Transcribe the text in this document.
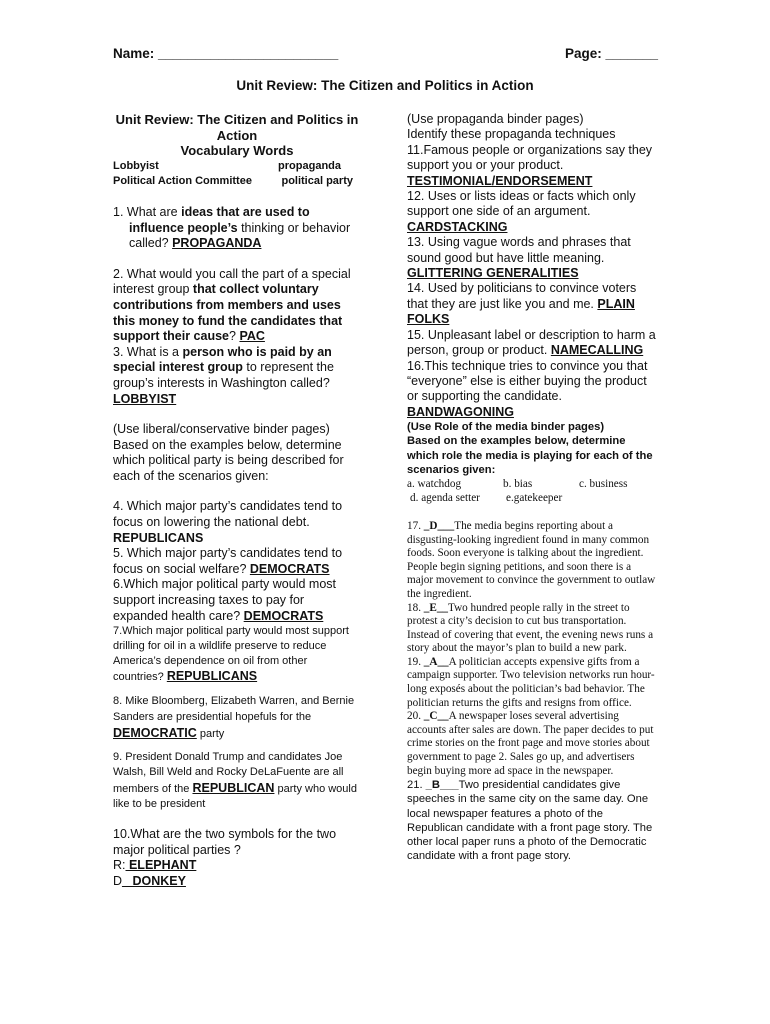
Name: ________________________	Page: _______
Unit Review: The Citizen and Politics in Action
Unit Review: The Citizen and Politics in
Action
Vocabulary Words
Lobbyist	propaganda
Political Action Committee	political party

1. What are ideas that are used to influence people’s thinking or behavior called? PROPAGANDA

2. What would you call the part of a special interest group that collect voluntary contributions from members and uses this money to fund the candidates that support their cause? PAC

3. What is a person who is paid by an special interest group to represent the group’s interests in Washington called?
LOBBYIST

(Use liberal/conservative binder pages)

Based on the examples below, determine which political party is being described for each of the scenarios given:

4. Which major party’s candidates tend to focus on lowering the national debt.
REPUBLICANS

5. Which major party’s candidates tend to focus on social welfare? DEMOCRATS

6.Which major political party would most support increasing taxes to pay for expanded health care? DEMOCRATS

7.Which major political party would most support drilling for oil in a wildlife preserve to reduce America’s dependence on oil from other countries? REPUBLICANS

8. Mike Bloomberg, Elizabeth Warren, and Bernie Sanders are presidential hopefuls for the DEMOCRATIC party

9. President Donald Trump and candidates Joe Walsh, Bill Weld and Rocky DeLaFuente are all members of the REPUBLICAN party who would like to be president

10.What are the two symbols for the two major political parties ?

R: ELEPHANT

D_ DONKEY

(Use propaganda binder pages)

Identify these propaganda techniques

11.Famous people or organizations say they support you or your product.
TESTIMONIAL/ENDORSEMENT

12. Uses or lists ideas or facts which only support one side of an argument.
CARDSTACKING

13. Using vague words and phrases that sound good but have little meaning.
GLITTERING GENERALITIES

14. Used by politicians to convince voters that they are just like you and me. PLAIN FOLKS

15. Unpleasant label or description to harm a person, group or product. NAMECALLING

16.This technique tries to convince you that “everyone” else is either buying the product or supporting the candidate.
BANDWAGONING

(Use Role of the media binder pages)

Based on the examples below, determine which role the media is playing for each of the scenarios given:

a. watchdog	b. bias	c. business
d. agenda setter	e.gatekeeper

17. _D___The media begins reporting about a disgusting-looking ingredient found in many common foods. Soon everyone is talking about the ingredient. People begin signing petitions, and soon there is a major movement to convince the government to outlaw the ingredient.

18. _E__Two hundred people rally in the street to protest a city’s decision to cut bus transportation. Instead of covering that event, the evening news runs a story about the mayor’s plan to build a new park.

19. _A__A politician accepts expensive gifts from a campaign supporter. Two television networks run hour-long exposés about the politician’s bad behavior. The politician returns the gifts and resigns from office.

20. _C__A newspaper loses several advertising accounts after sales are down. The paper decides to put crime stories on the front page and move stories about government to page 2. Sales go up, and advertisers begin buying more ad space in the newspaper.

21. _B___Two presidential candidates give speeches in the same city on the same day. One local newspaper features a photo of the Republican candidate with a front page story. The other local paper runs a photo of the Democratic candidate with a front page story.
